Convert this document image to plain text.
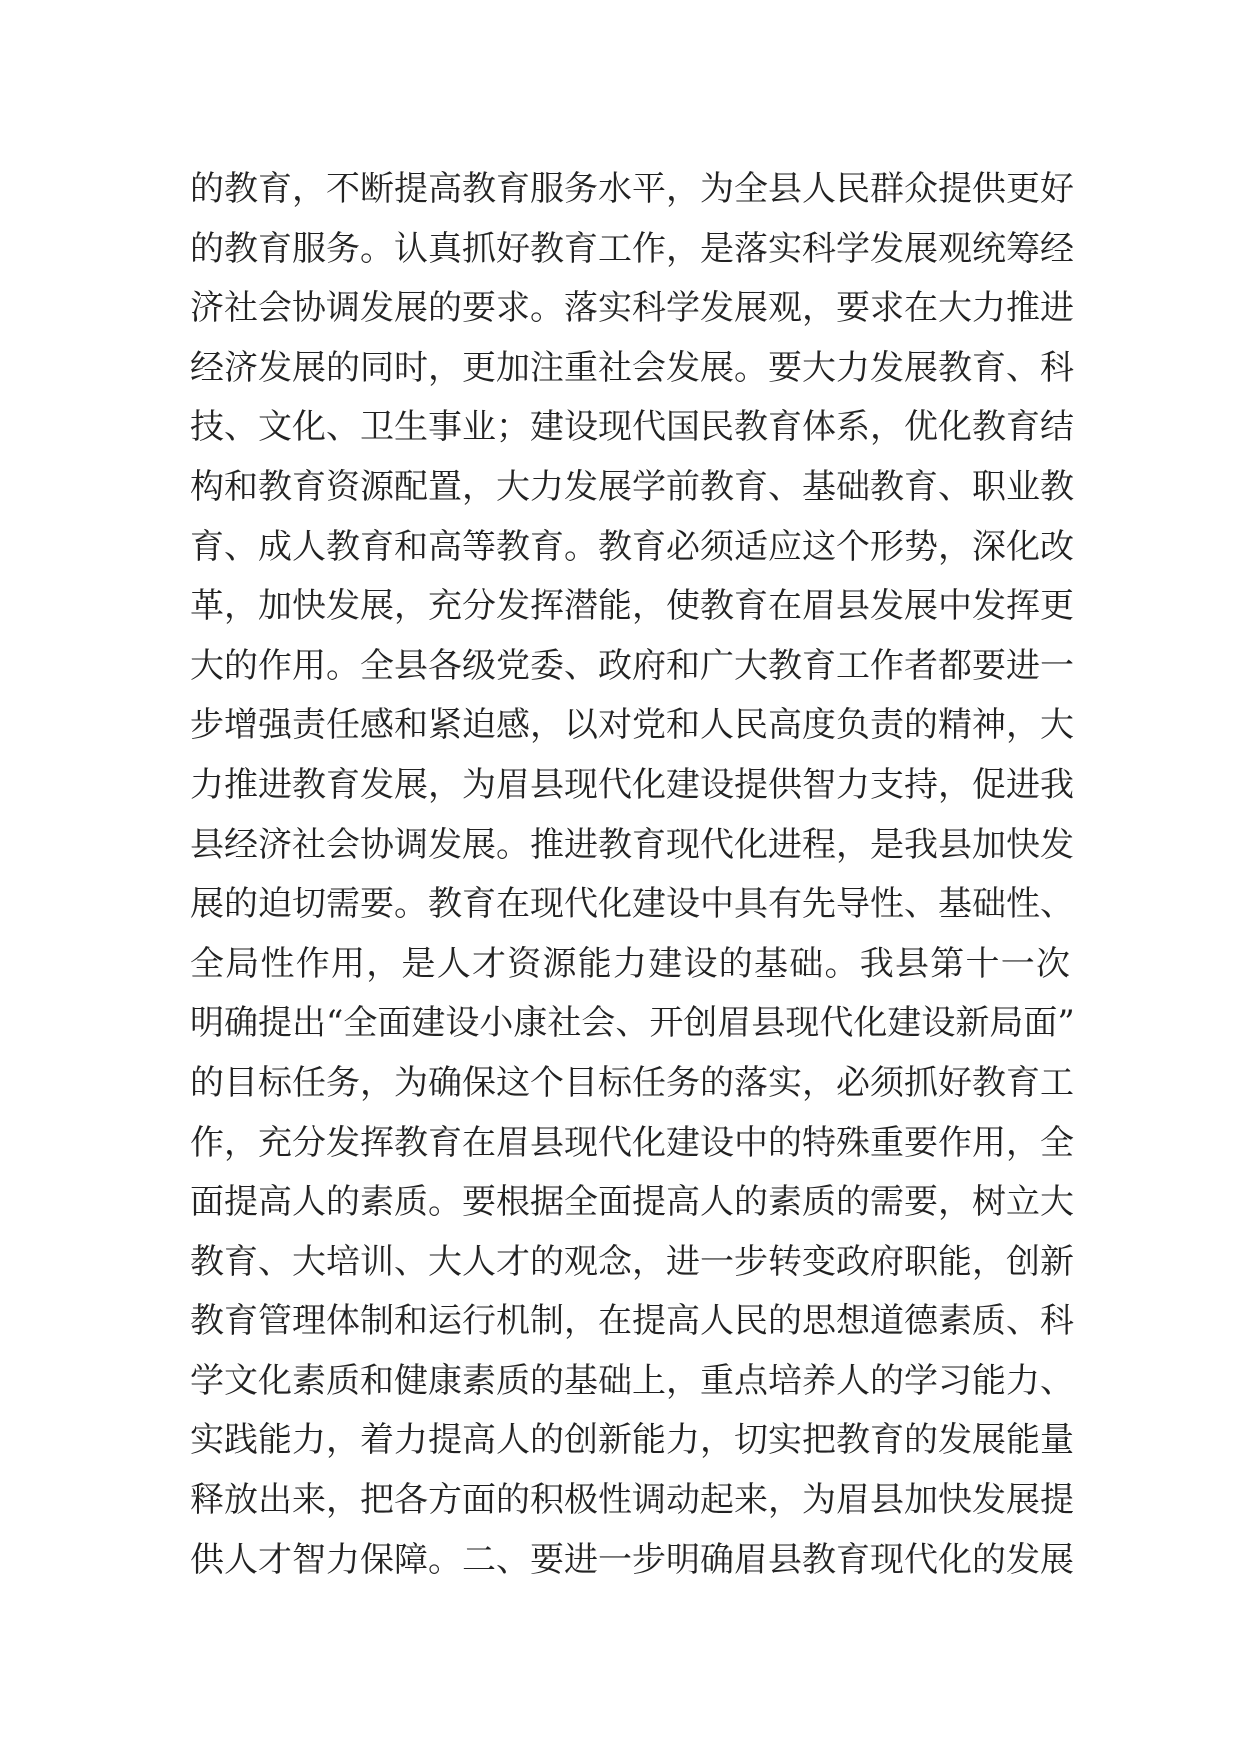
的教育，不断提高教育服务水平，为全县人民群众提供更好
的教育服务。认真抓好教育工作，是落实科学发展观统筹经
济社会协调发展的要求。落实科学发展观，要求在大力推进
经济发展的同时，更加注重社会发展。要大力发展教育、科
技、文化、卫生事业；建设现代国民教育体系，优化教育结
构和教育资源配置，大力发展学前教育、基础教育、职业教
育、成人教育和高等教育。教育必须适应这个形势，深化改
革，加快发展，充分发挥潜能，使教育在眉县发展中发挥更
大的作用。全县各级党委、政府和广大教育工作者都要进一
步增强责任感和紧迫感，以对党和人民高度负责的精神，大
力推进教育发展，为眉县现代化建设提供智力支持，促进我
县经济社会协调发展。推进教育现代化进程，是我县加快发
展的迫切需要。教育在现代化建设中具有先导性、基础性、
全局性作用，是人才资源能力建设的基础。我县第十一次
明确提出“全面建设小康社会、开创眉县现代化建设新局面”
的目标任务，为确保这个目标任务的落实，必须抓好教育工
作，充分发挥教育在眉县现代化建设中的特殊重要作用，全
面提高人的素质。要根据全面提高人的素质的需要，树立大
教育、大培训、大人才的观念，进一步转变政府职能，创新
教育管理体制和运行机制，在提高人民的思想道德素质、科
学文化素质和健康素质的基础上，重点培养人的学习能力、
实践能力，着力提高人的创新能力，切实把教育的发展能量
释放出来，把各方面的积极性调动起来，为眉县加快发展提
供人才智力保障。二、要进一步明确眉县教育现代化的发展
